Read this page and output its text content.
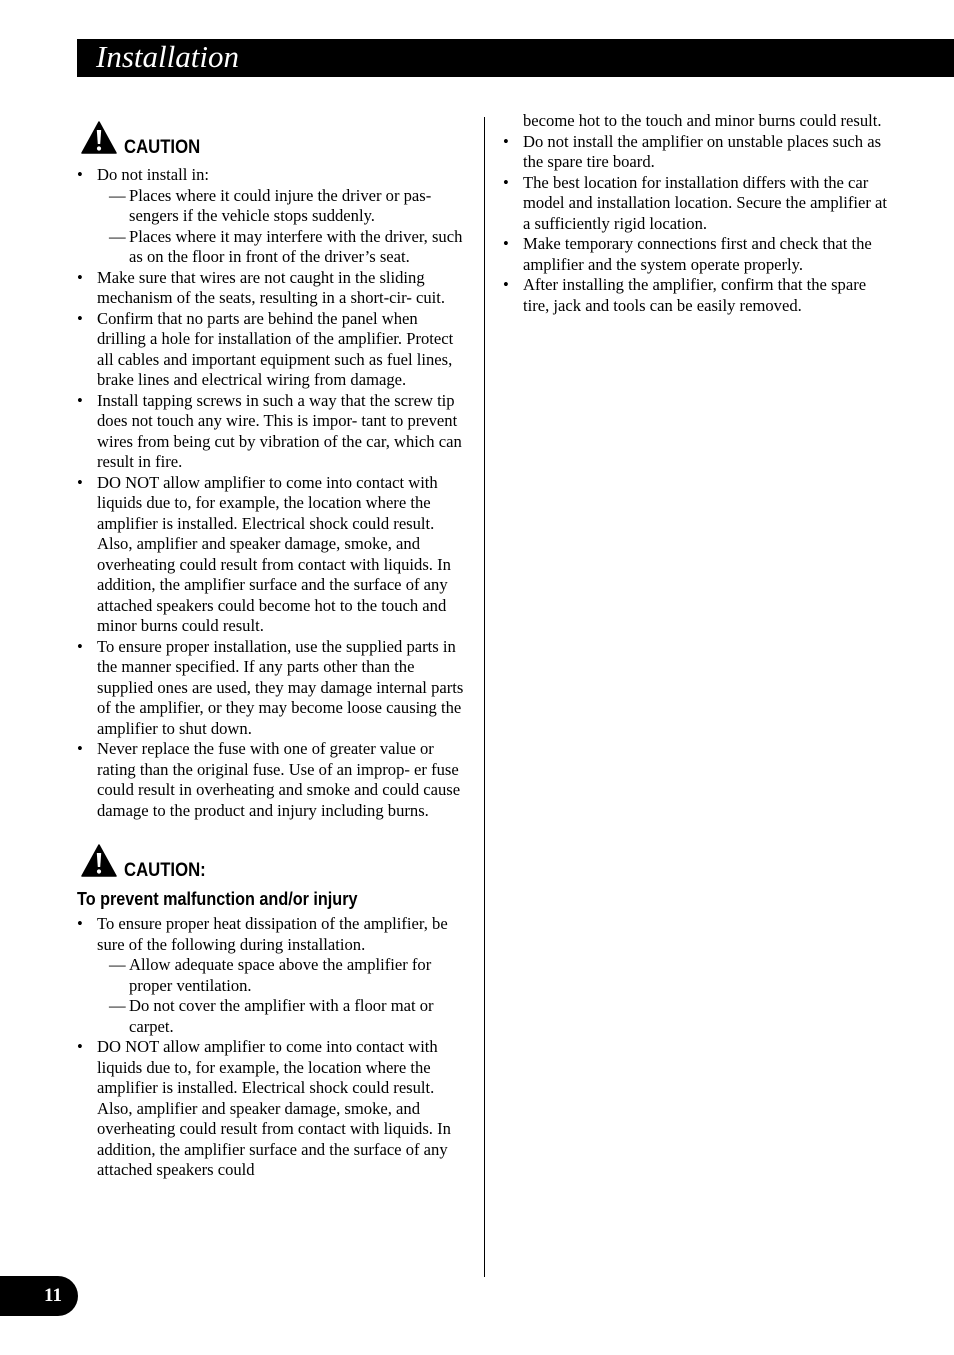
Installation
CAUTION
• Do not install in:
— Places where it could injure the driver or pas- sengers if the vehicle stops suddenly.
— Places where it may interfere with the driver, such as on the floor in front of the driver’s seat.
• Make sure that wires are not caught in the sliding mechanism of the seats, resulting in a short-cir- cuit.
• Confirm that no parts are behind the panel when drilling a hole for installation of the amplifier. Protect all cables and important equipment such as fuel lines, brake lines and electrical wiring from damage.
• Install tapping screws in such a way that the screw tip does not touch any wire. This is impor- tant to prevent wires from being cut by vibration of the car, which can result in fire.
• DO NOT allow amplifier to come into contact with liquids due to, for example, the location where the amplifier is installed. Electrical shock could result. Also, amplifier and speaker damage, smoke, and overheating could result from contact with liquids. In addition, the amplifier surface and the surface of any attached speakers could become hot to the touch and minor burns could result.
• To ensure proper installation, use the supplied parts in the manner specified. If any parts other than the supplied ones are used, they may damage internal parts of the amplifier, or they may become loose causing the amplifier to shut down.
• Never replace the fuse with one of greater value or rating than the original fuse. Use of an improp- er fuse could result in overheating and smoke and could cause damage to the product and injury including burns.
CAUTION:
To prevent malfunction and/or injury
• To ensure proper heat dissipation of the amplifier, be sure of the following during installation.
— Allow adequate space above the amplifier for proper ventilation.
— Do not cover the amplifier with a floor mat or carpet.
• DO NOT allow amplifier to come into contact with liquids due to, for example, the location where the amplifier is installed. Electrical shock could result. Also, amplifier and speaker damage, smoke, and overheating could result from contact with liquids. In addition, the amplifier surface and the surface of any attached speakers could
become hot to the touch and minor burns could result.
• Do not install the amplifier on unstable places such as the spare tire board.
• The best location for installation differs with the car model and installation location. Secure the amplifier at a sufficiently rigid location.
• Make temporary connections first and check that the amplifier and the system operate properly.
• After installing the amplifier, confirm that the spare tire, jack and tools can be easily removed.
11
